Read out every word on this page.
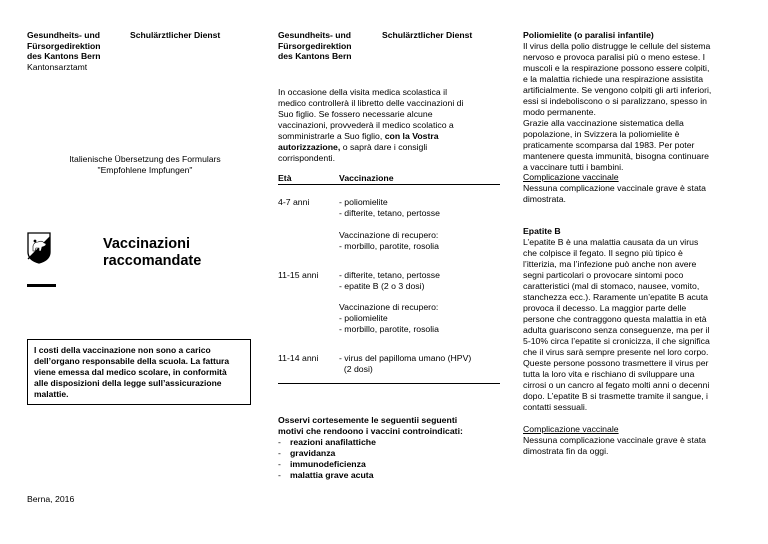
Gesundheits- und
Fürsorgedirektion
des Kantons Bern
Kantonsarztamt
Schulärztlicher Dienst
Italienische Übersetzung des Formulars
"Empfohlene Impfungen"
Vaccinazioni
raccomandate
I costi della vaccinazione non sono a carico
dell’organo responsabile della scuola. La fattura
viene emessa dal medico scolare, in conformità
alle disposizioni della legge sull’assicurazione
malattie.
Berna, 2016
Gesundheits- und
Fürsorgedirektion
des Kantons Bern
Schulärztlicher Dienst
In occasione della visita medica scolastica il
medico controllerà il libretto delle vaccinazioni di
Suo figlio. Se fossero necessarie alcune
vaccinazioni, provvederà il medico scolatico a
somministrarle a Suo figlio, con la Vostra
autorizzazione, o saprà dare i consigli
corrispondenti.
Età	Vaccinazione
4-7 anni	- poliomielite
- difterite, tetano, pertosse
Vaccinazione di recupero:
- morbillo, parotite, rosolia
11-15 anni - difterite, tetano, pertosse
- epatite B (2 o 3 dosi)
Vaccinazione di recupero:
- poliomielite
- morbillo, parotite, rosolia
11-14 anni - virus del papilloma umano (HPV)
(2 dosi)
Osservi cortesemente le seguentii seguenti
motivi che rendoono i vaccini controindicati:
- reazioni anafilattiche
- gravidanza
- immunodeficienza
- malattia grave acuta
Poliomielite (o paralisi infantile)
Il virus della polio distrugge le cellule del sistema
nervoso e provoca paralisi più o meno estese. I
muscoli e la respirazione possono essere colpiti,
e la malattia richiede una respirazione assistita
artificialmente. Se vengono colpiti gli arti inferiori,
essi si indeboliscono o si paralizzano, spesso in
modo permanente.
Grazie alla vaccinazione sistematica della
popolazione, in Svizzera la poliomielite è
praticamente scomparsa dal 1983. Per poter
mantenere questa immunità, bisogna continuare
a vaccinare tutti i bambini.
Complicazione vaccinale
Nessuna complicazione vaccinale grave è stata
dimostrata.
Epatite B
L’epatite B è una malattia causata da un virus
che colpisce il fegato. Il segno più tipico è
l’itterizia, ma l’infezione può anche non avere
segni particolari o provocare sintomi poco
caratteristici (mal di stomaco, nausee, vomito,
stanchezza ecc.). Raramente un’epatite B acuta
provoca il decesso. La maggior parte delle
persone che contraggono questa malattia in età
adulta guariscono senza conseguenze, ma per il
5-10% circa l’epatite si cronicizza, il che significa
che il virus sarà sempre presente nel loro corpo.
Queste persone possono trasmettere il virus per
tutta la loro vita e rischiano di sviluppare una
cirrosi o un cancro al fegato molti anni o decenni
dopo. L’epatite B si trasmette tramite il sangue, i
contatti sessuali.
Complicazione vaccinale
Nessuna complicazione vaccinale grave è stata
dimostrata fin da oggi.
